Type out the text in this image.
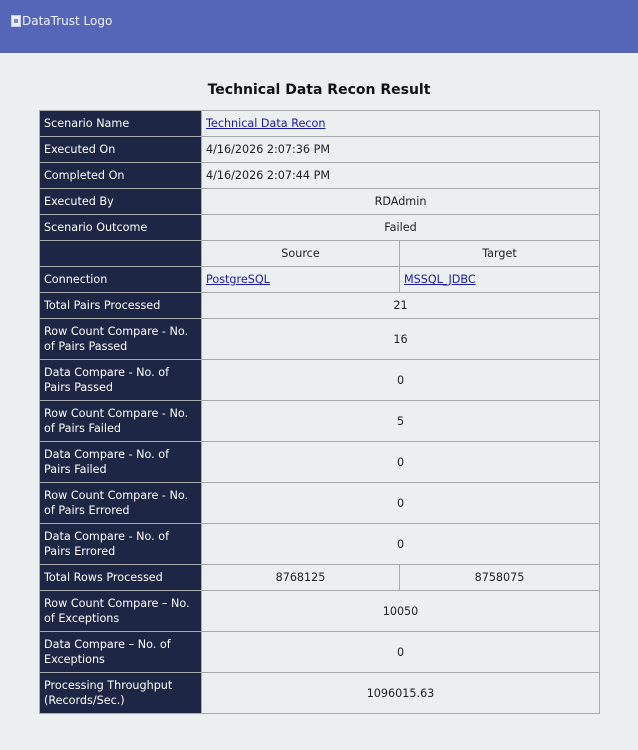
DataTrust Logo
Technical Data Recon Result
Scenario Name	Technical Data Recon	
Executed On	4/16/2026 2:07:36 PM	
Completed On	4/16/2026 2:07:44 PM	
Executed By	RDAdmin	
Scenario Outcome	Failed	
	Source	Target
Connection	PostgreSQL	MSSQL_JDBC
Total Pairs Processed	21	
Row Count Compare - No. of Pairs Passed	16	
Data Compare - No. of Pairs Passed	0	
Row Count Compare - No. of Pairs Failed	5	
Data Compare - No. of Pairs Failed	0	
Row Count Compare - No. of Pairs Errored	0	
Data Compare - No. of Pairs Errored	0	
Total Rows Processed	8768125	8758075
Row Count Compare – No. of Exceptions	10050	
Data Compare – No. of Exceptions	0	
Processing Throughput (Records/Sec.)	1096015.63	
